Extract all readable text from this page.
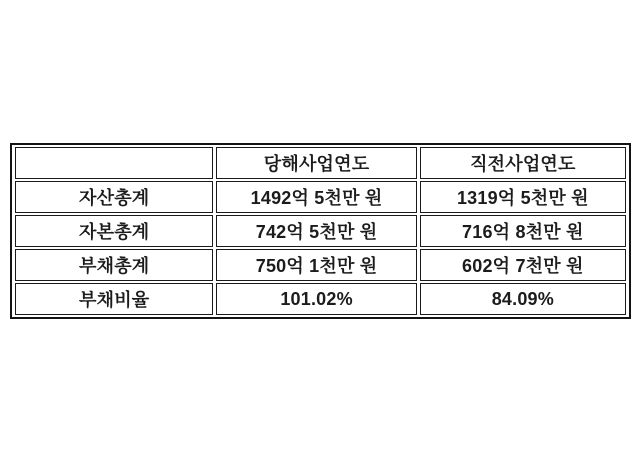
	당해사업연도	직전사업연도
자산총계	1492억 5천만 원	1319억 5천만 원
자본총계	742억 5천만 원	716억 8천만 원
부채총계	750억 1천만 원	602억 7천만 원
부채비율	101.02%	84.09%
